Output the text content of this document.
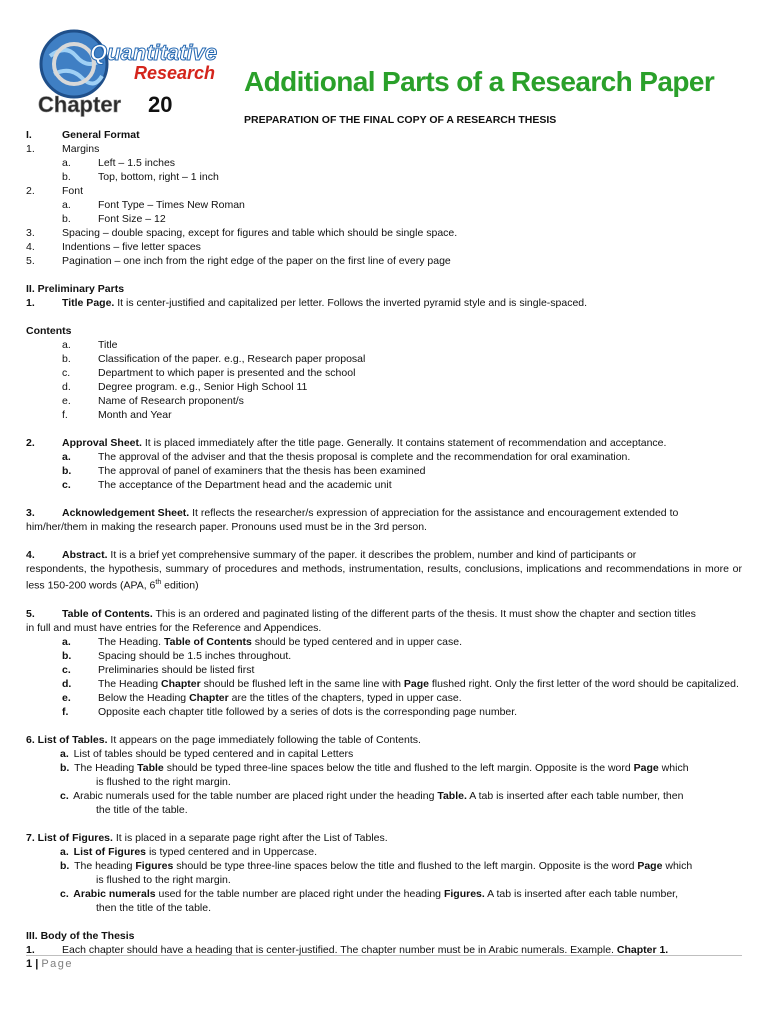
Quantitative
Research
Chapter 20
Additional Parts of a Research Paper
PREPARATION OF THE FINAL COPY OF A RESEARCH THESIS
I.	General Format
1.	Margins
a.	Left – 1.5 inches
b.	Top, bottom, right – 1 inch
2.	Font
a.	Font Type – Times New Roman
b.	Font Size – 12
3.	Spacing – double spacing, except for figures and table which should be single space.
4.	Indentions – five letter spaces
5.	Pagination – one inch from the right edge of the paper on the first line of every page
II. Preliminary Parts
1.	Title Page. It is center-justified and capitalized per letter. Follows the inverted pyramid style and is single-spaced.
Contents
a.	Title
b.	Classification of the paper. e.g., Research paper proposal
c.	Department to which paper is presented and the school
d.	Degree program. e.g., Senior High School 11
e.	Name of Research proponent/s
f.	Month and Year
2.	Approval Sheet. It is placed immediately after the title page. Generally. It contains statement of recommendation and acceptance.
a.	The approval of the adviser and that the thesis proposal is complete and the recommendation for oral examination.
b.	The approval of panel of examiners that the thesis has been examined
c.	The acceptance of the Department head and the academic unit
3.	Acknowledgement Sheet. It reflects the researcher/s expression of appreciation for the assistance and encouragement extended to
him/her/them in making the research paper. Pronouns used must be in the 3rd person.
4.	Abstract. It is a brief yet comprehensive summary of the paper. it describes the problem, number and kind of participants or
respondents, the hypothesis, summary of procedures and methods, instrumentation, results, conclusions, implications and recommendations in more or less 150-200 words (APA, 6th edition)
5.	Table of Contents. This is an ordered and paginated listing of the different parts of the thesis. It must show the chapter and section titles
in full and must have entries for the Reference and Appendices.
a.	The Heading. Table of Contents should be typed centered and in upper case.
b.	Spacing should be 1.5 inches throughout.
c.	Preliminaries should be listed first
d.	The Heading Chapter should be flushed left in the same line with Page flushed right. Only the first letter of the word should be capitalized.
e.	Below the Heading Chapter are the titles of the chapters, typed in upper case.
f.	Opposite each chapter title followed by a series of dots is the corresponding page number.
6. List of Tables. It appears on the page immediately following the table of Contents.
a. List of tables should be typed centered and in capital Letters
b. The Heading Table should be typed three-line spaces below the title and flushed to the left margin. Opposite is the word Page which
is flushed to the right margin.
c. Arabic numerals used for the table number are placed right under the heading Table. A tab is inserted after each table number, then
the title of the table.
7. List of Figures. It is placed in a separate page right after the List of Tables.
a. List of Figures is typed centered and in Uppercase.
b. The heading Figures should be type three-line spaces below the title and flushed to the left margin. Opposite is the word Page which
is flushed to the right margin.
c. Arabic numerals used for the table number are placed right under the heading Figures. A tab is inserted after each table number,
then the title of the table.
III. Body of the Thesis
1.	Each chapter should have a heading that is center-justified. The chapter number must be in Arabic numerals. Example. Chapter 1.
1 | Page
